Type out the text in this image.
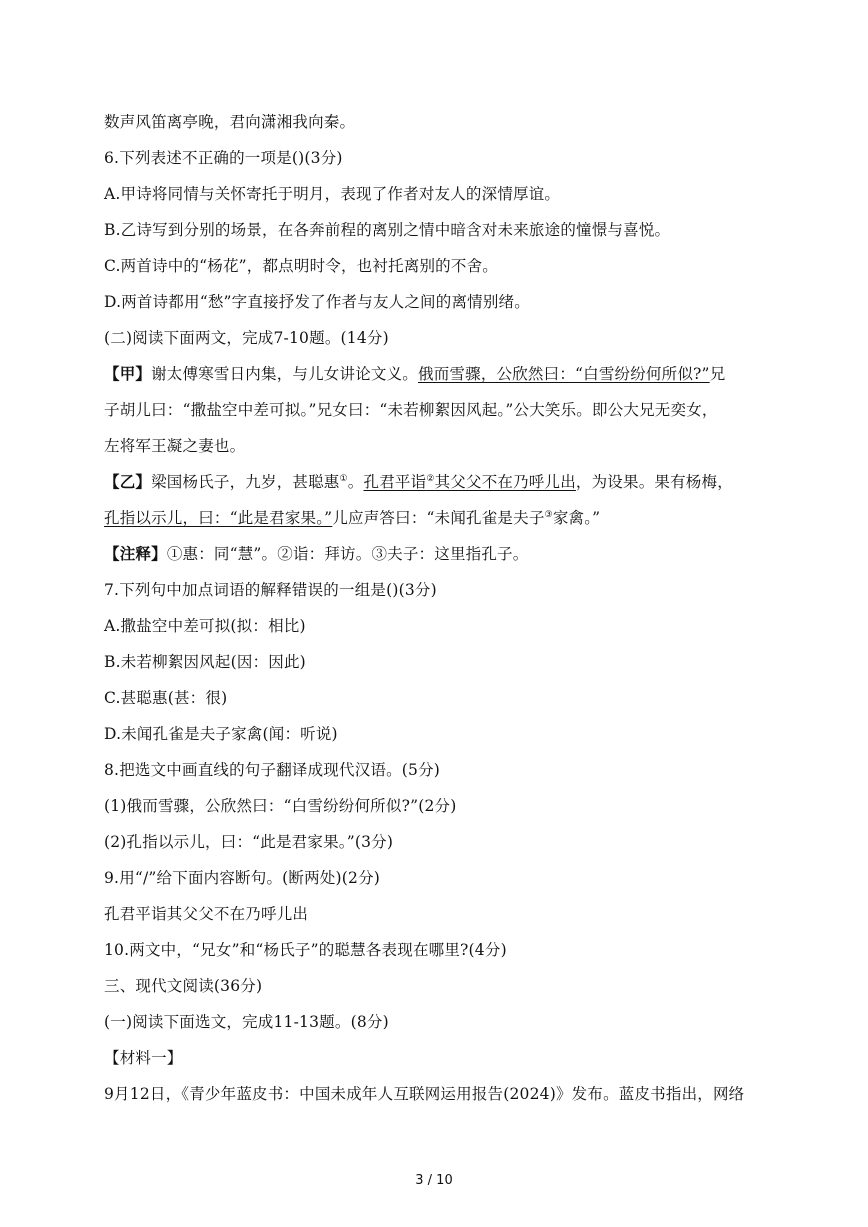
数声风笛离亭晚，君向潇湘我向秦。
6.下列表述不正确的一项是()(3分)
A.甲诗将同情与关怀寄托于明月，表现了作者对友人的深情厚谊。
B.乙诗写到分别的场景，在各奔前程的离别之情中暗含对未来旅途的憧憬与喜悦。
C.两首诗中的“杨花”，都点明时令，也衬托离别的不舍。
D.两首诗都用“愁”字直接抒发了作者与友人之间的离情别绪。
(二)阅读下面两文，完成7-10题。(14分)
【甲】谢太傅寒雪日内集，与儿女讲论文义。俄而雪骤，公欣然曰：“白雪纷纷何所似?”兄
子胡儿曰：“撒盐空中差可拟。”兄女曰：“未若柳絮因风起。”公大笑乐。即公大兄无奕女，
左将军王凝之妻也。
【乙】梁国杨氏子，九岁，甚聪惠①。孔君平诣②其父父不在乃呼儿出，为设果。果有杨梅，
孔指以示儿，曰：“此是君家果。”儿应声答曰：“未闻孔雀是夫子③家禽。”
【注释】①惠：同“慧”。②诣：拜访。③夫子：这里指孔子。
7.下列句中加点词语的解释错误的一组是()(3分)
A.撒盐空中差可拟(拟：相比)
B.未若柳絮因风起(因：因此)
C.甚聪惠(甚：很)
D.未闻孔雀是夫子家禽(闻：听说)
8.把选文中画直线的句子翻译成现代汉语。(5分)
(1)俄而雪骤，公欣然曰：“白雪纷纷何所似?”(2分)
(2)孔指以示儿，曰：“此是君家果。”(3分)
9.用“/”给下面内容断句。(断两处)(2分)
孔君平诣其父父不在乃呼儿出
10.两文中，“兄女”和“杨氏子”的聪慧各表现在哪里?(4分)
三、现代文阅读(36分)
(一)阅读下面选文，完成11-13题。(8分)
【材料一】
9月12日，《青少年蓝皮书：中国未成年人互联网运用报告(2024)》发布。蓝皮书指出，网络
3 / 10
